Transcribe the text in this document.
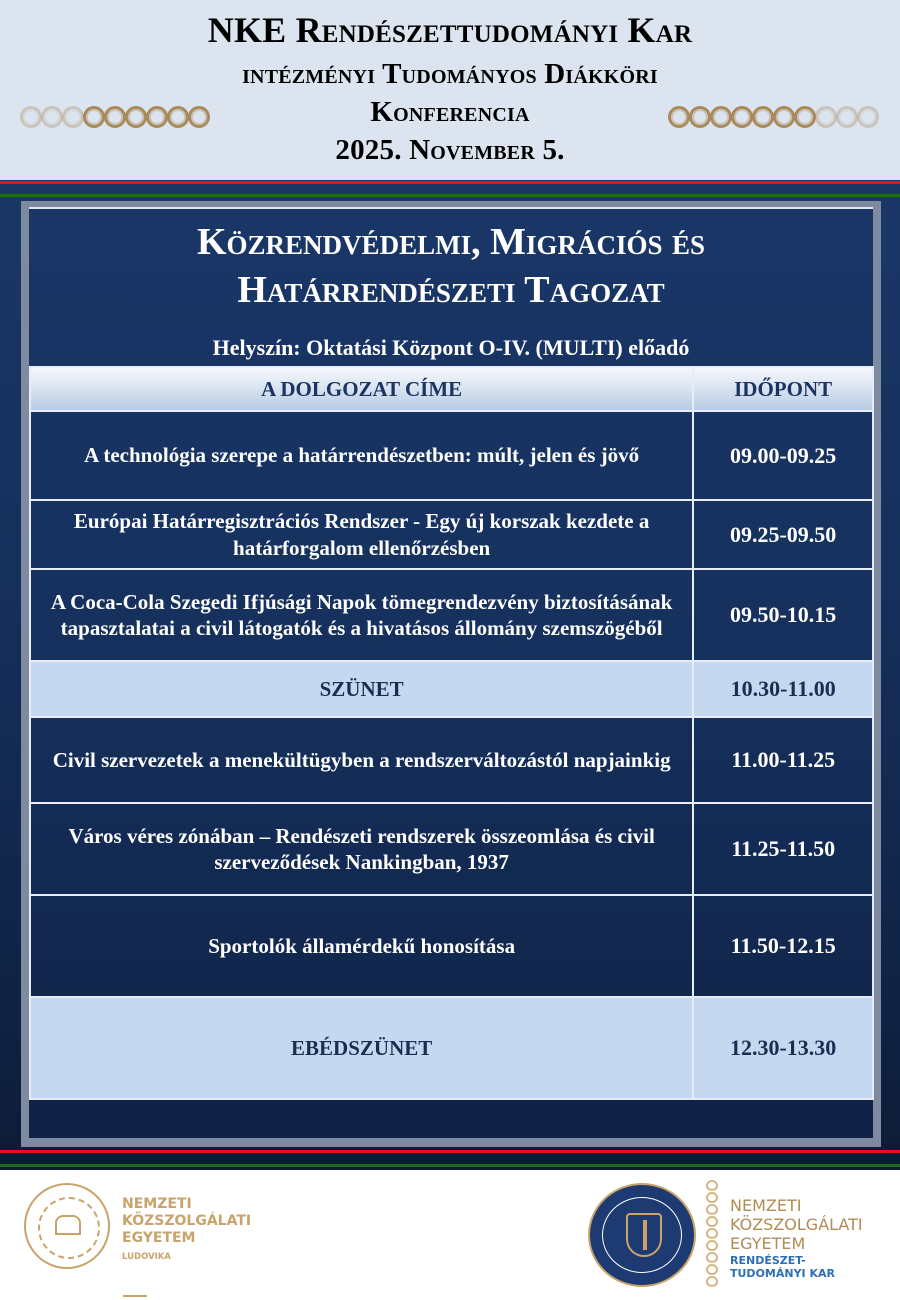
NKE Rendészettudományi Kar
intézményi Tudományos Diákköri
Konferencia
2025. November 5.
Közrendvédelmi, Migrációs és
Határrendészeti Tagozat
Helyszín: Oktatási Központ O-IV. (MULTI) előadó
A DOLGOZAT CÍME	IDŐPONT
A technológia szerepe a határrendészetben: múlt, jelen és jövő	09.00-09.25
Európai Határregisztrációs Rendszer - Egy új korszak kezdete a határforgalom ellenőrzésben	09.25-09.50
A Coca-Cola Szegedi Ifjúsági Napok tömegrendezvény biztosításának tapasztalatai a civil látogatók és a hivatásos állomány szemszögéből	09.50-10.15
SZÜNET	10.30-11.00
Civil szervezetek a menekültügyben a rendszerváltozástól napjainkig	11.00-11.25
Város véres zónában – Rendészeti rendszerek összeomlása és civil szerveződések Nankingban, 1937	11.25-11.50
Sportolók államérdekű honosítása	11.50-12.15
EBÉDSZÜNET	12.30-13.30
NEMZETI
KÖZSZOLGÁLATI
EGYETEM
LUDOVIKA
NEMZETI
KÖZSZOLGÁLATI
EGYETEM
RENDÉSZET-
TUDOMÁNYI KAR
